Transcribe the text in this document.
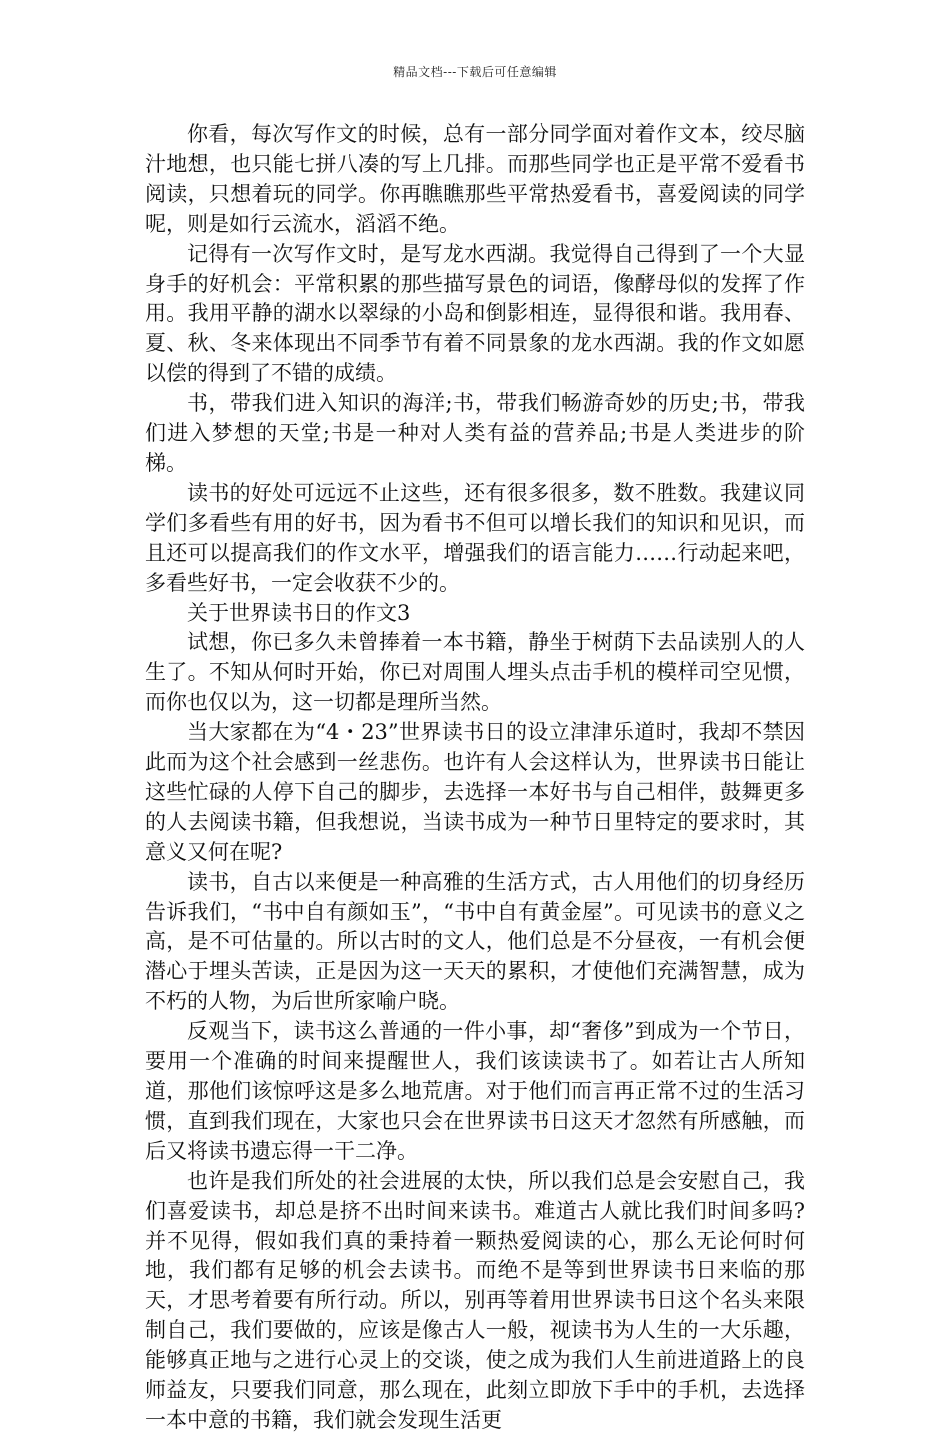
精品文档---下载后可任意编辑

你看，每次写作文的时候，总有一部分同学面对着作文本，绞尽脑汁地想，也只能七拼八凑的写上几排。而那些同学也正是平常不爱看书阅读，只想着玩的同学。你再瞧瞧那些平常热爱看书，喜爱阅读的同学呢，则是如行云流水，滔滔不绝。

记得有一次写作文时，是写龙水西湖。我觉得自己得到了一个大显身手的好机会：平常积累的那些描写景色的词语，像酵母似的发挥了作用。我用平静的湖水以翠绿的小岛和倒影相连，显得很和谐。我用春、夏、秋、冬来体现出不同季节有着不同景象的龙水西湖。我的作文如愿以偿的得到了不错的成绩。

书，带我们进入知识的海洋;书，带我们畅游奇妙的历史;书，带我们进入梦想的天堂;书是一种对人类有益的营养品;书是人类进步的阶梯。

读书的好处可远远不止这些，还有很多很多，数不胜数。我建议同学们多看些有用的好书，因为看书不但可以增长我们的知识和见识，而且还可以提高我们的作文水平，增强我们的语言能力……行动起来吧，多看些好书，一定会收获不少的。

关于世界读书日的作文3

试想，你已多久未曾捧着一本书籍，静坐于树荫下去品读别人的人生了。不知从何时开始，你已对周围人埋头点击手机的模样司空见惯，而你也仅以为，这一切都是理所当然。

当大家都在为“4・23”世界读书日的设立津津乐道时，我却不禁因此而为这个社会感到一丝悲伤。也许有人会这样认为，世界读书日能让这些忙碌的人停下自己的脚步，去选择一本好书与自己相伴，鼓舞更多的人去阅读书籍，但我想说，当读书成为一种节日里特定的要求时，其意义又何在呢?

读书，自古以来便是一种高雅的生活方式，古人用他们的切身经历告诉我们，“书中自有颜如玉”，“书中自有黄金屋”。可见读书的意义之高，是不可估量的。所以古时的文人，他们总是不分昼夜，一有机会便潜心于埋头苦读，正是因为这一天天的累积，才使他们充满智慧，成为不朽的人物，为后世所家喻户晓。

反观当下，读书这么普通的一件小事，却“奢侈”到成为一个节日，要用一个准确的时间来提醒世人，我们该读读书了。如若让古人所知道，那他们该惊呼这是多么地荒唐。对于他们而言再正常不过的生活习惯，直到我们现在，大家也只会在世界读书日这天才忽然有所感触，而后又将读书遗忘得一干二净。

也许是我们所处的社会进展的太快，所以我们总是会安慰自己，我们喜爱读书，却总是挤不出时间来读书。难道古人就比我们时间多吗?并不见得，假如我们真的秉持着一颗热爱阅读的心，那么无论何时何地，我们都有足够的机会去读书。而绝不是等到世界读书日来临的那天，才思考着要有所行动。所以，别再等着用世界读书日这个名头来限制自己，我们要做的，应该是像古人一般，视读书为人生的一大乐趣，能够真正地与之进行心灵上的交谈，使之成为我们人生前进道路上的良师益友，只要我们同意，那么现在，此刻立即放下手中的手机，去选择一本中意的书籍，我们就会发现生活更
